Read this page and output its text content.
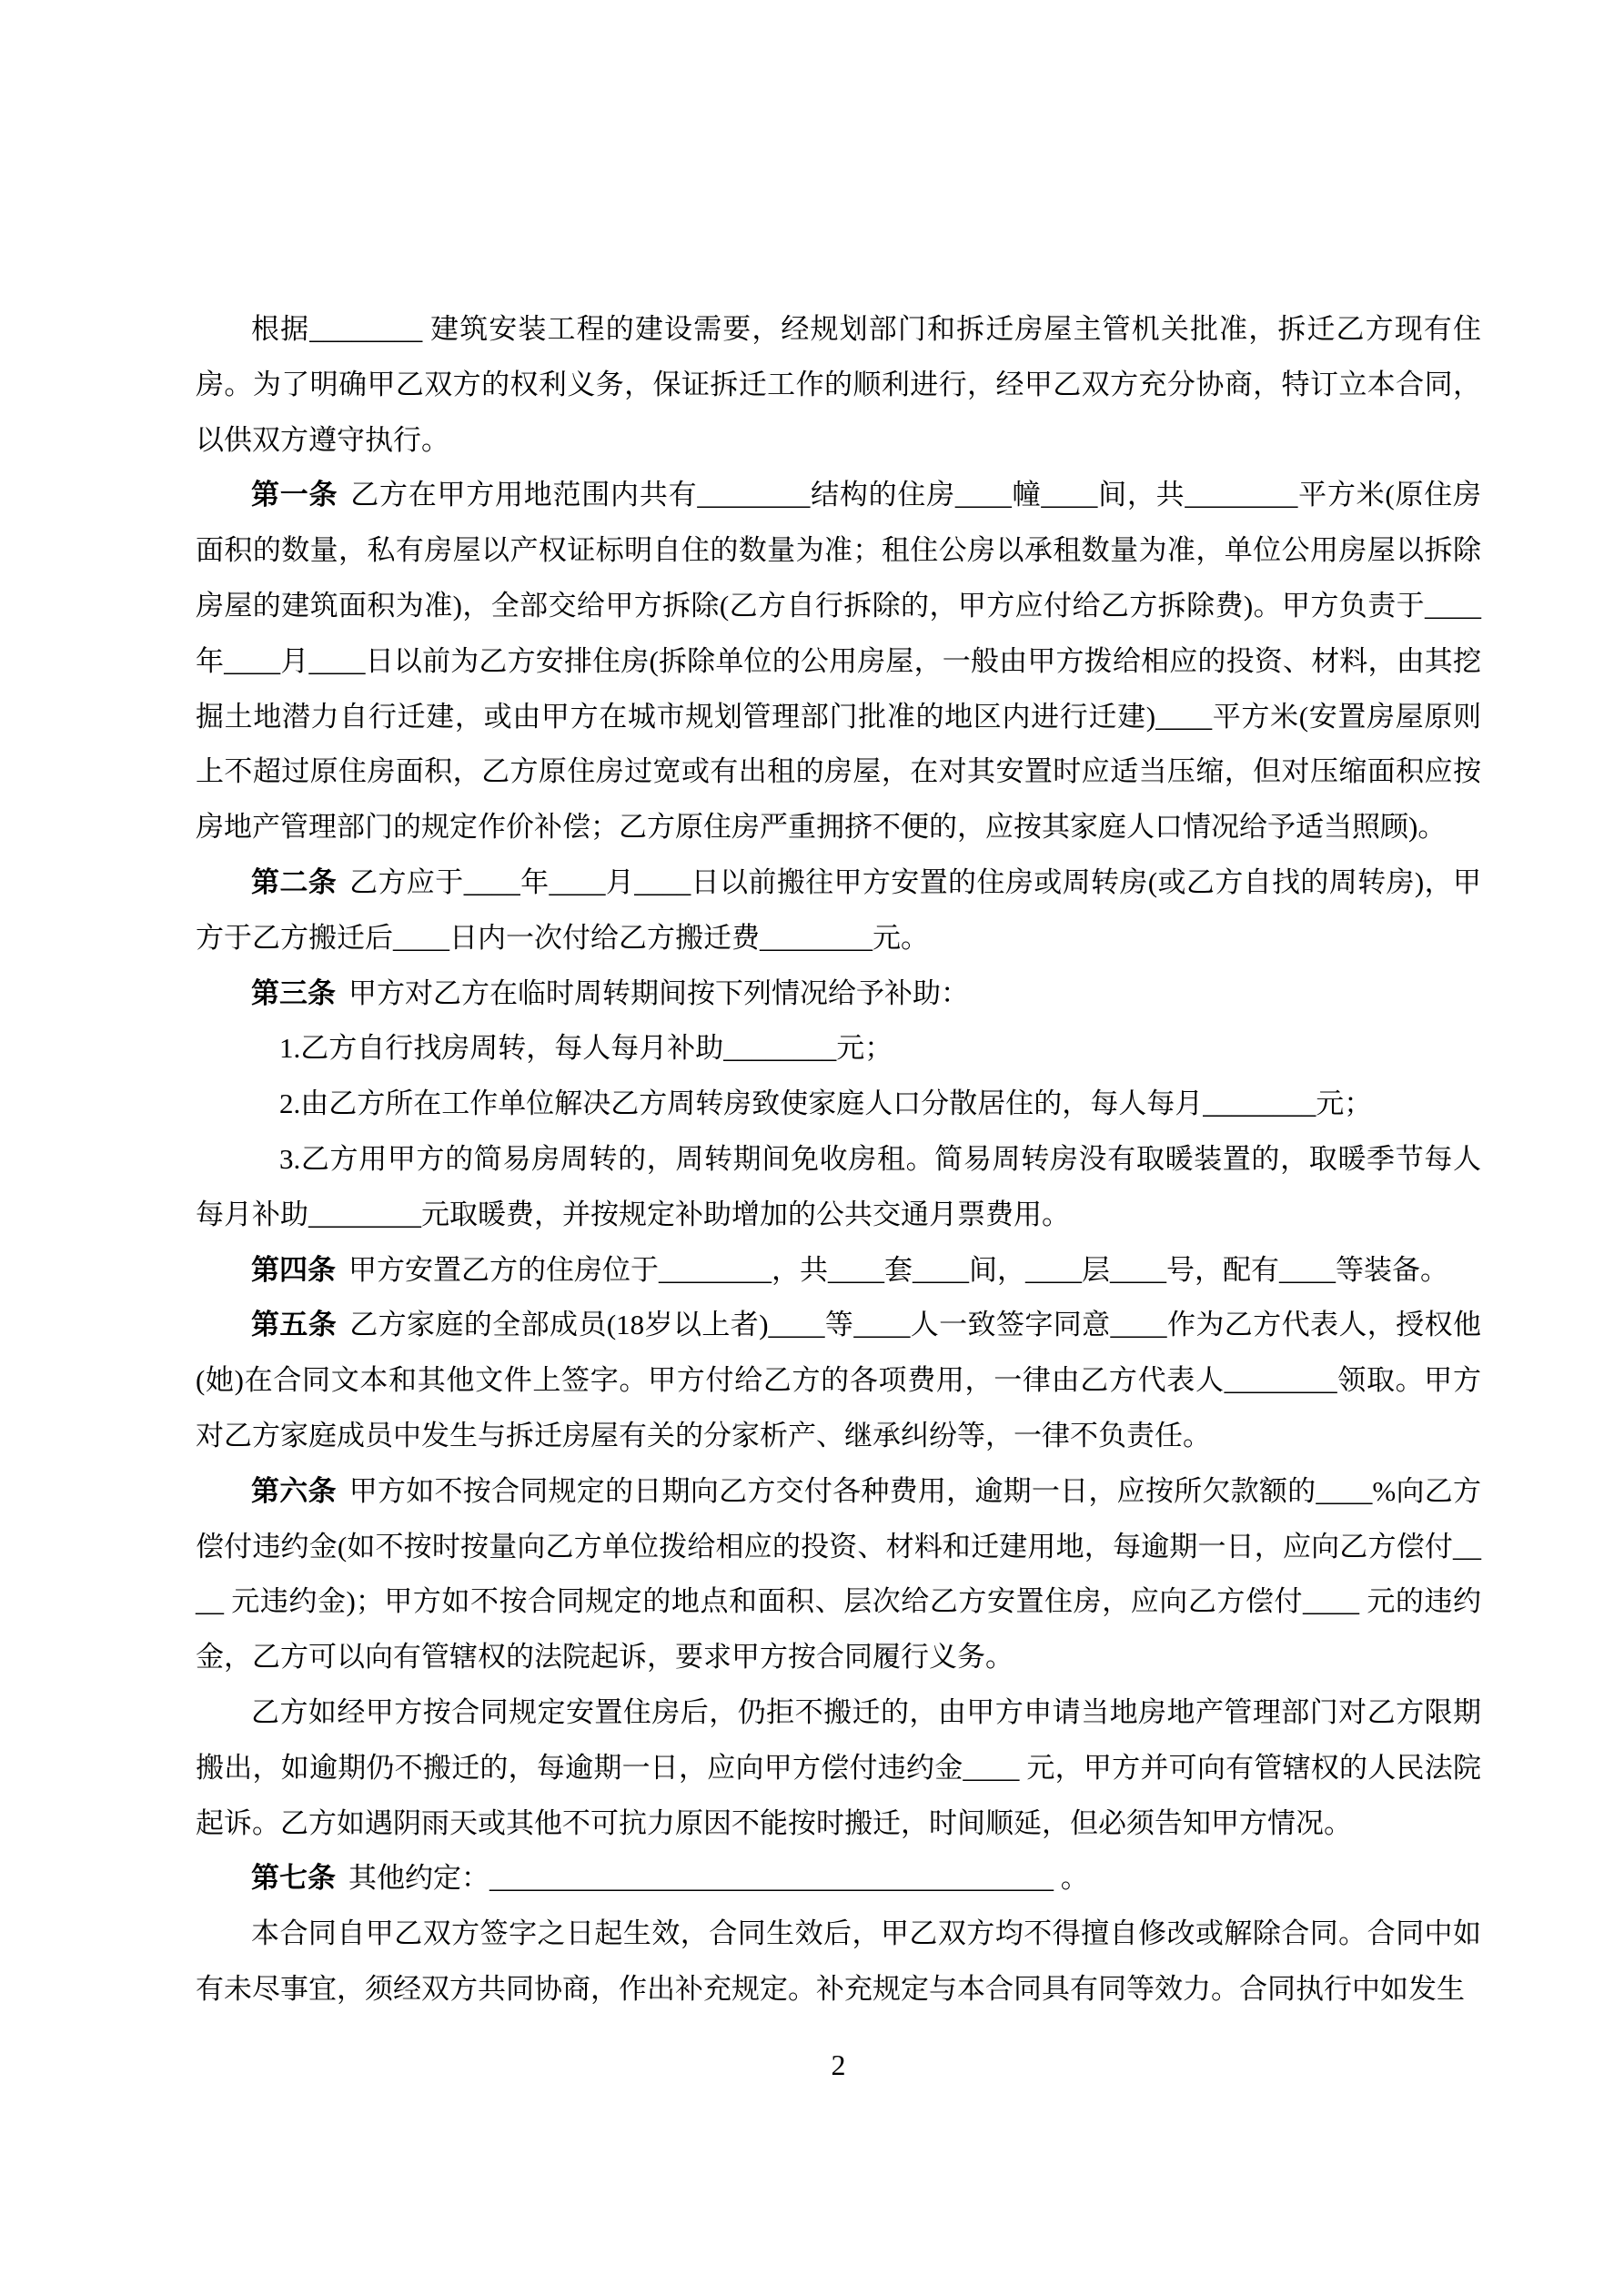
根据________ 建筑安装工程的建设需要，经规划部门和拆迁房屋主管机关批准，拆迁乙方现有住房。为了明确甲乙双方的权利义务，保证拆迁工作的顺利进行，经甲乙双方充分协商，特订立本合同，以供双方遵守执行。

第一条 乙方在甲方用地范围内共有________结构的住房____幢____间，共________平方米(原住房面积的数量，私有房屋以产权证标明自住的数量为准；租住公房以承租数量为准，单位公用房屋以拆除房屋的建筑面积为准)，全部交给甲方拆除(乙方自行拆除的，甲方应付给乙方拆除费)。甲方负责于____年____月____日以前为乙方安排住房(拆除单位的公用房屋，一般由甲方拨给相应的投资、材料，由其挖掘土地潜力自行迁建，或由甲方在城市规划管理部门批准的地区内进行迁建)____平方米(安置房屋原则上不超过原住房面积，乙方原住房过宽或有出租的房屋，在对其安置时应适当压缩，但对压缩面积应按房地产管理部门的规定作价补偿；乙方原住房严重拥挤不便的，应按其家庭人口情况给予适当照顾)。

第二条 乙方应于____年____月____日以前搬往甲方安置的住房或周转房(或乙方自找的周转房)，甲方于乙方搬迁后____日内一次付给乙方搬迁费________元。

第三条 甲方对乙方在临时周转期间按下列情况给予补助：

1.乙方自行找房周转，每人每月补助________元；

2.由乙方所在工作单位解决乙方周转房致使家庭人口分散居住的，每人每月________元；

3.乙方用甲方的简易房周转的，周转期间免收房租。简易周转房没有取暖装置的，取暖季节每人每月补助________元取暖费，并按规定补助增加的公共交通月票费用。

第四条 甲方安置乙方的住房位于________，共____套____间，____层____号，配有____等装备。

第五条 乙方家庭的全部成员(18岁以上者)____等____人一致签字同意____作为乙方代表人，授权他(她)在合同文本和其他文件上签字。甲方付给乙方的各项费用，一律由乙方代表人________领取。甲方对乙方家庭成员中发生与拆迁房屋有关的分家析产、继承纠纷等，一律不负责任。

第六条 甲方如不按合同规定的日期向乙方交付各种费用，逾期一日，应按所欠款额的____%向乙方偿付违约金(如不按时按量向乙方单位拨给相应的投资、材料和迁建用地，每逾期一日，应向乙方偿付____ 元违约金)；甲方如不按合同规定的地点和面积、层次给乙方安置住房，应向乙方偿付____ 元的违约金，乙方可以向有管辖权的法院起诉，要求甲方按合同履行义务。

乙方如经甲方按合同规定安置住房后，仍拒不搬迁的，由甲方申请当地房地产管理部门对乙方限期搬出，如逾期仍不搬迁的，每逾期一日，应向甲方偿付违约金____ 元，甲方并可向有管辖权的人民法院起诉。乙方如遇阴雨天或其他不可抗力原因不能按时搬迁，时间顺延，但必须告知甲方情况。

第七条 其他约定：________________________________________ 。

本合同自甲乙双方签字之日起生效，合同生效后，甲乙双方均不得擅自修改或解除合同。合同中如有未尽事宜，须经双方共同协商，作出补充规定。补充规定与本合同具有同等效力。合同执行中如发生

2
